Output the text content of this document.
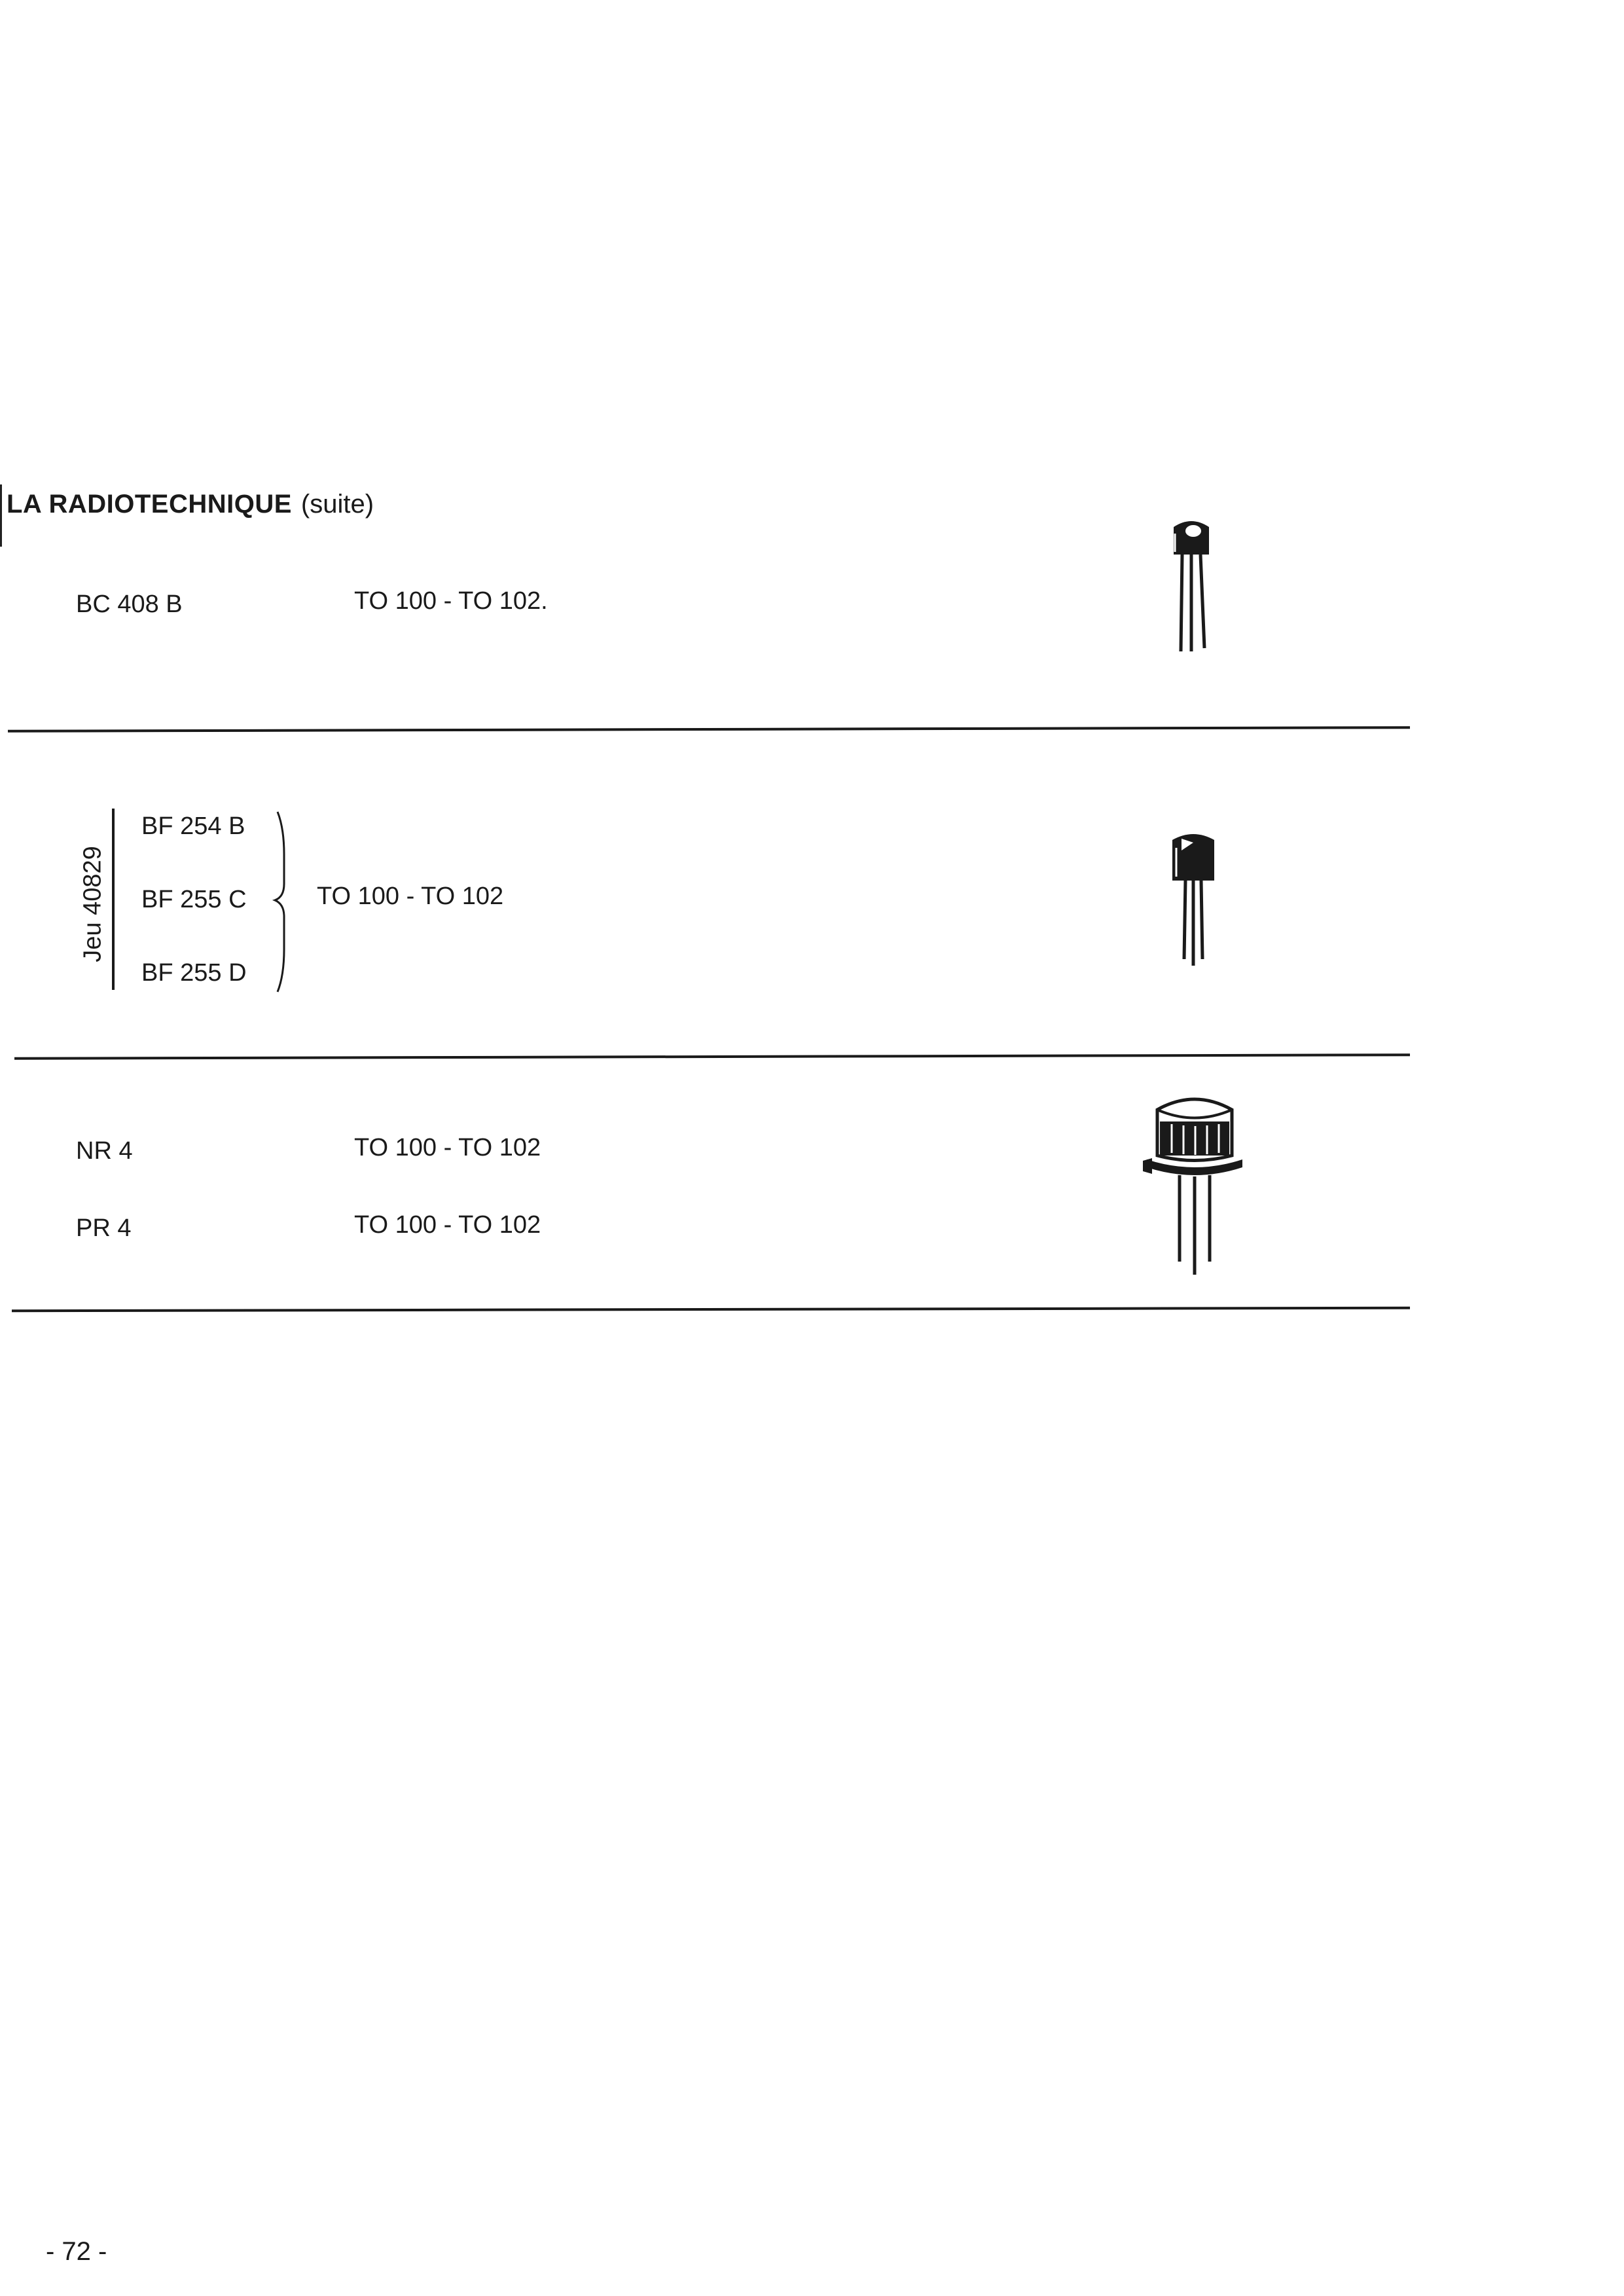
LA RADIOTECHNIQUE (suite)
BC 408 B	TO 100 - TO 102.
Jeu 40829
BF 254 B
BF 255 C
BF 255 D
TO 100 - TO 102
NR 4	TO 100 - TO 102
PR 4	TO 100 - TO 102
- 72 -
